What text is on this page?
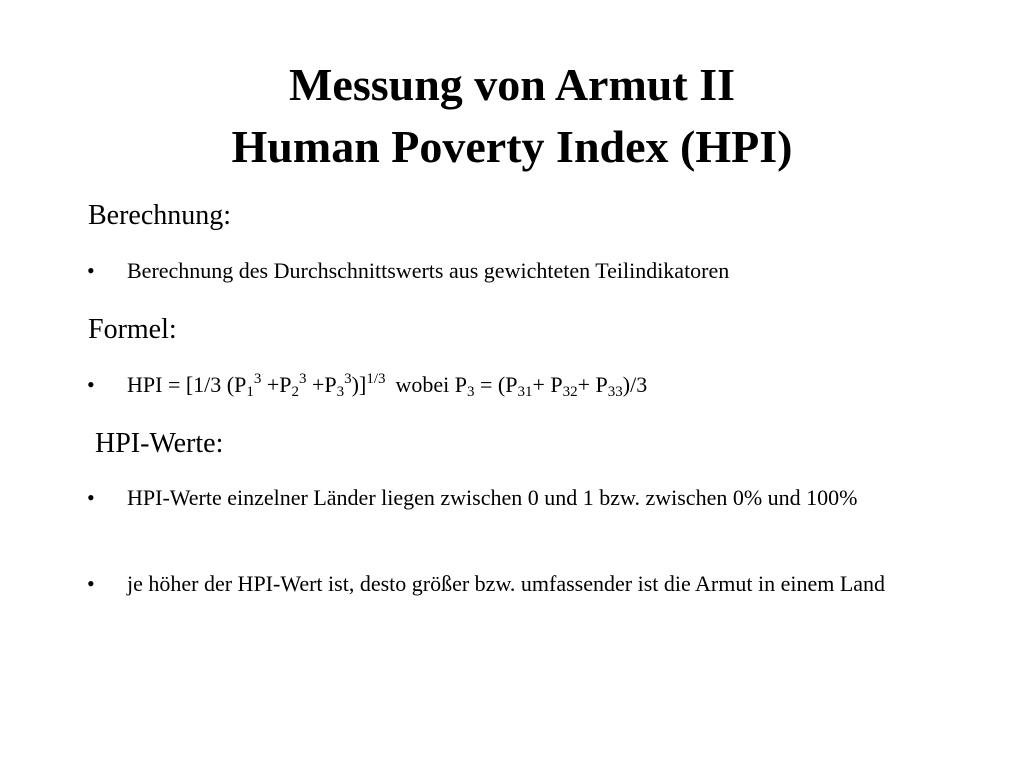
Messung von Armut II
Human Poverty Index (HPI)

Berechnung:

• Berechnung des Durchschnittswerts aus gewichteten Teilindikatoren

Formel:

• HPI = [1/3 $(P_1^3 +P_2^3 +P_3^3)]^{1/3}$ wobei $P_3 = (P_{31}+ P_{32}+ P_{33})/3$

HPI-Werte:

• HPI-Werte einzelner Länder liegen zwischen 0 und 1 bzw. zwischen 0% und 100%
• je höher der HPI-Wert ist, desto größer bzw. umfassender ist die Armut in einem Land
